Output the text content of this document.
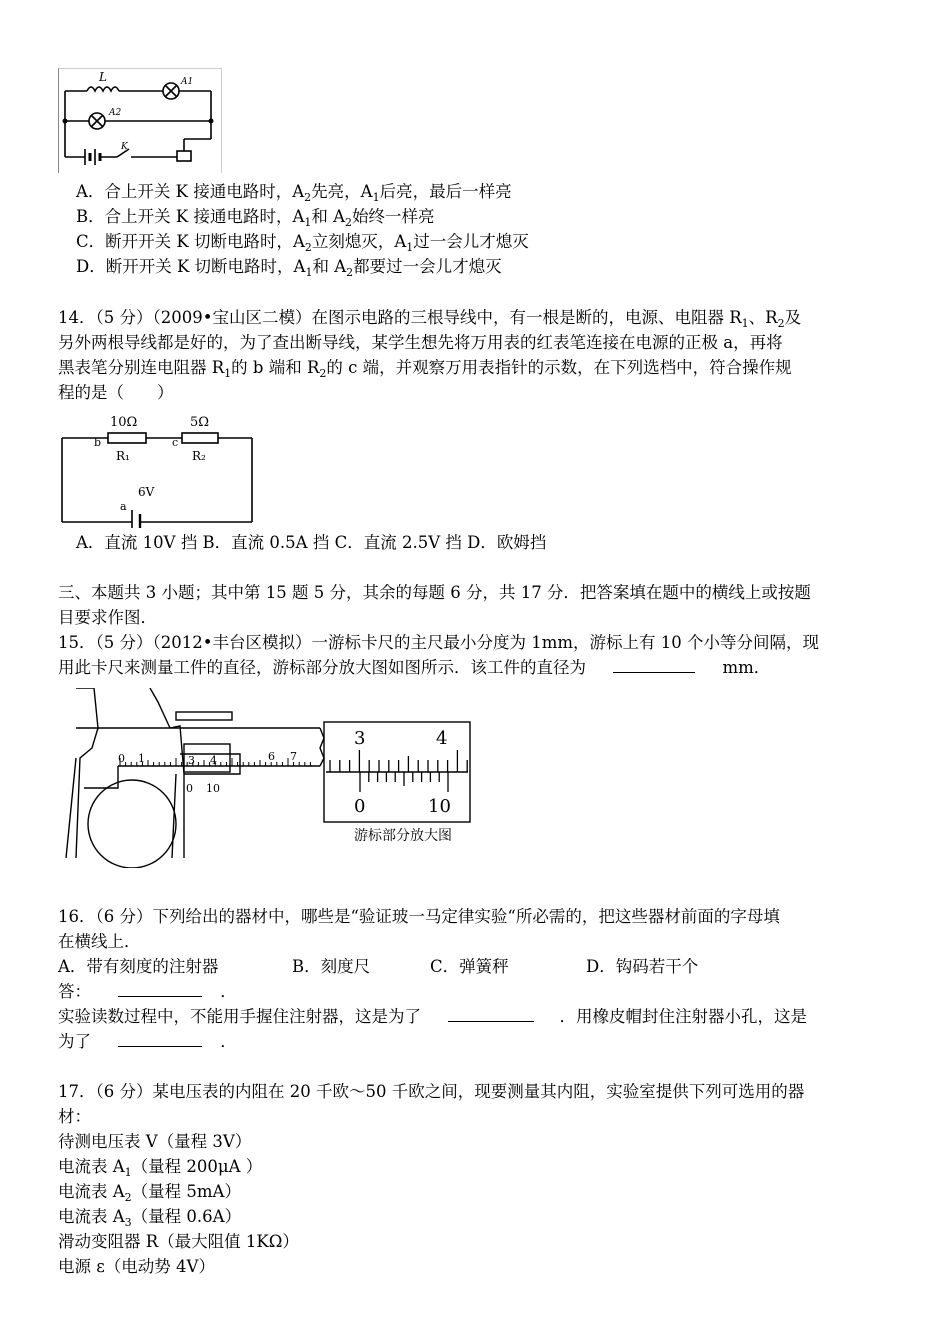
L	A1
A2
K
A．合上开关 K 接通电路时，$A_2$先亮，$A_1$后亮，最后一样亮
B．合上开关 K 接通电路时，$A_1$和 $A_2$始终一样亮
C．断开开关 K 切断电路时，$A_2$立刻熄灭，$A_1$过一会儿才熄灭
D．断开开关 K 切断电路时，$A_1$和 $A_2$都要过一会儿才熄灭
14．（5 分）（2009•宝山区二模）在图示电路的三根导线中，有一根是断的，电源、电阻器 $R_1$、$R_2$及
另外两根导线都是好的，为了查出断导线，某学生想先将万用表的红表笔连接在电源的正极 a，再将
黑表笔分别连电阻器 $R_1$的 b 端和 $R_2$的 c 端，并观察万用表指针的示数，在下列选档中，符合操作规
程的是（　　）
10Ω	5Ω
R₁	R₂
b	c
a
6V
A．直流 10V 挡 B．直流 0.5A 挡 C．直流 2.5V 挡 D．欧姆挡
三、本题共 3 小题；其中第 15 题 5 分，其余的每题 6 分，共 17 分．把答案填在题中的横线上或按题
目要求作图．
15．（5 分）（2012•丰台区模拟）一游标卡尺的主尺最小分度为 1mm，游标上有 10 个小等分间隔，现
用此卡尺来测量工件的直径，游标部分放大图如图所示．该工件的直径为	mm．
0 1	3 4	6 7
0 10
3	4
0	10
游标部分放大图
16．（6 分）下列给出的器材中，哪些是“验证玻一马定律实验“所必需的，把这些器材前面的字母填
在横线上．
A．带有刻度的注射器	B．刻度尺	C．弹簧秤	D．钩码若干个
答：	．
实验读数过程中，不能用手握住注射器，这是为了	．用橡皮帽封住注射器小孔，这是
为了	．
17．（6 分）某电压表的内阻在 20 千欧～50 千欧之间，现要测量其内阻，实验室提供下列可选用的器
材：
待测电压表 V（量程 3V）
电流表 $A_1$（量程 200μA ）
电流表 $A_2$（量程 5mA）
电流表 $A_3$（量程 0.6A）
滑动变阻器 R（最大阻值 1KΩ）
电源 ε（电动势 4V）
